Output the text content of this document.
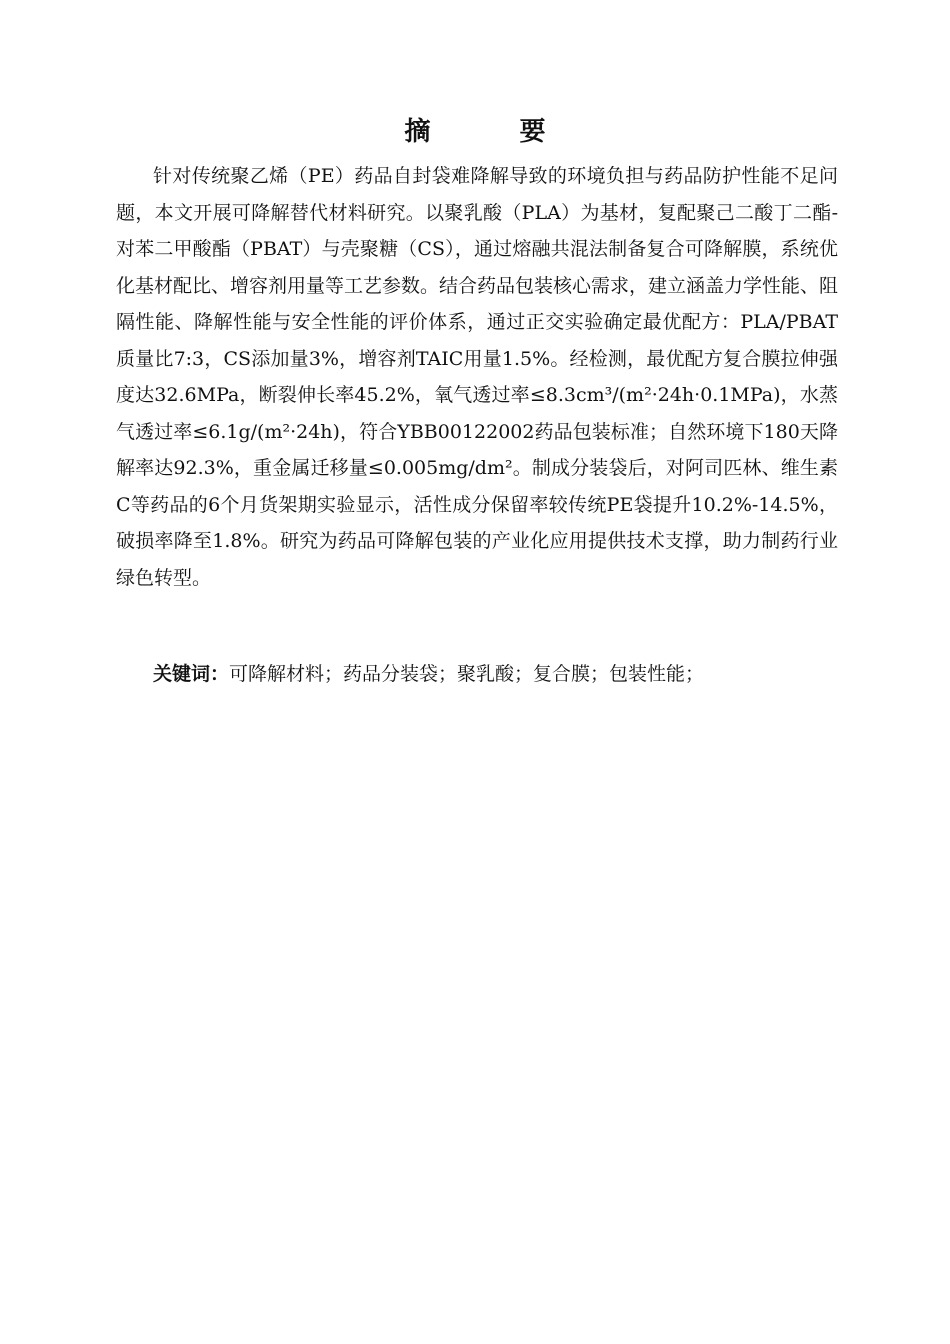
摘 要

针对传统聚乙烯（PE）药品自封袋难降解导致的环境负担与药品防护性能不足问题，本文开展可降解替代材料研究。以聚乳酸（PLA）为基材，复配聚己二酸丁二酯-对苯二甲酸酯（PBAT）与壳聚糖（CS），通过熔融共混法制备复合可降解膜，系统优化基材配比、增容剂用量等工艺参数。结合药品包装核心需求，建立涵盖力学性能、阻隔性能、降解性能与安全性能的评价体系，通过正交实验确定最优配方：PLA/PBAT质量比7:3，CS添加量3%，增容剂TAIC用量1.5%。经检测，最优配方复合膜拉伸强度达32.6MPa，断裂伸长率45.2%，氧气透过率≤8.3cm³/(m²·24h·0.1MPa)，水蒸气透过率≤6.1g/(m²·24h)，符合YBB00122002药品包装标准；自然环境下180天降解率达92.3%，重金属迁移量≤0.005mg/dm²。制成分装袋后，对阿司匹林、维生素C等药品的6个月货架期实验显示，活性成分保留率较传统PE袋提升10.2%-14.5%，破损率降至1.8%。研究为药品可降解包装的产业化应用提供技术支撑，助力制药行业绿色转型。

关键词：可降解材料；药品分装袋；聚乳酸；复合膜；包装性能；
